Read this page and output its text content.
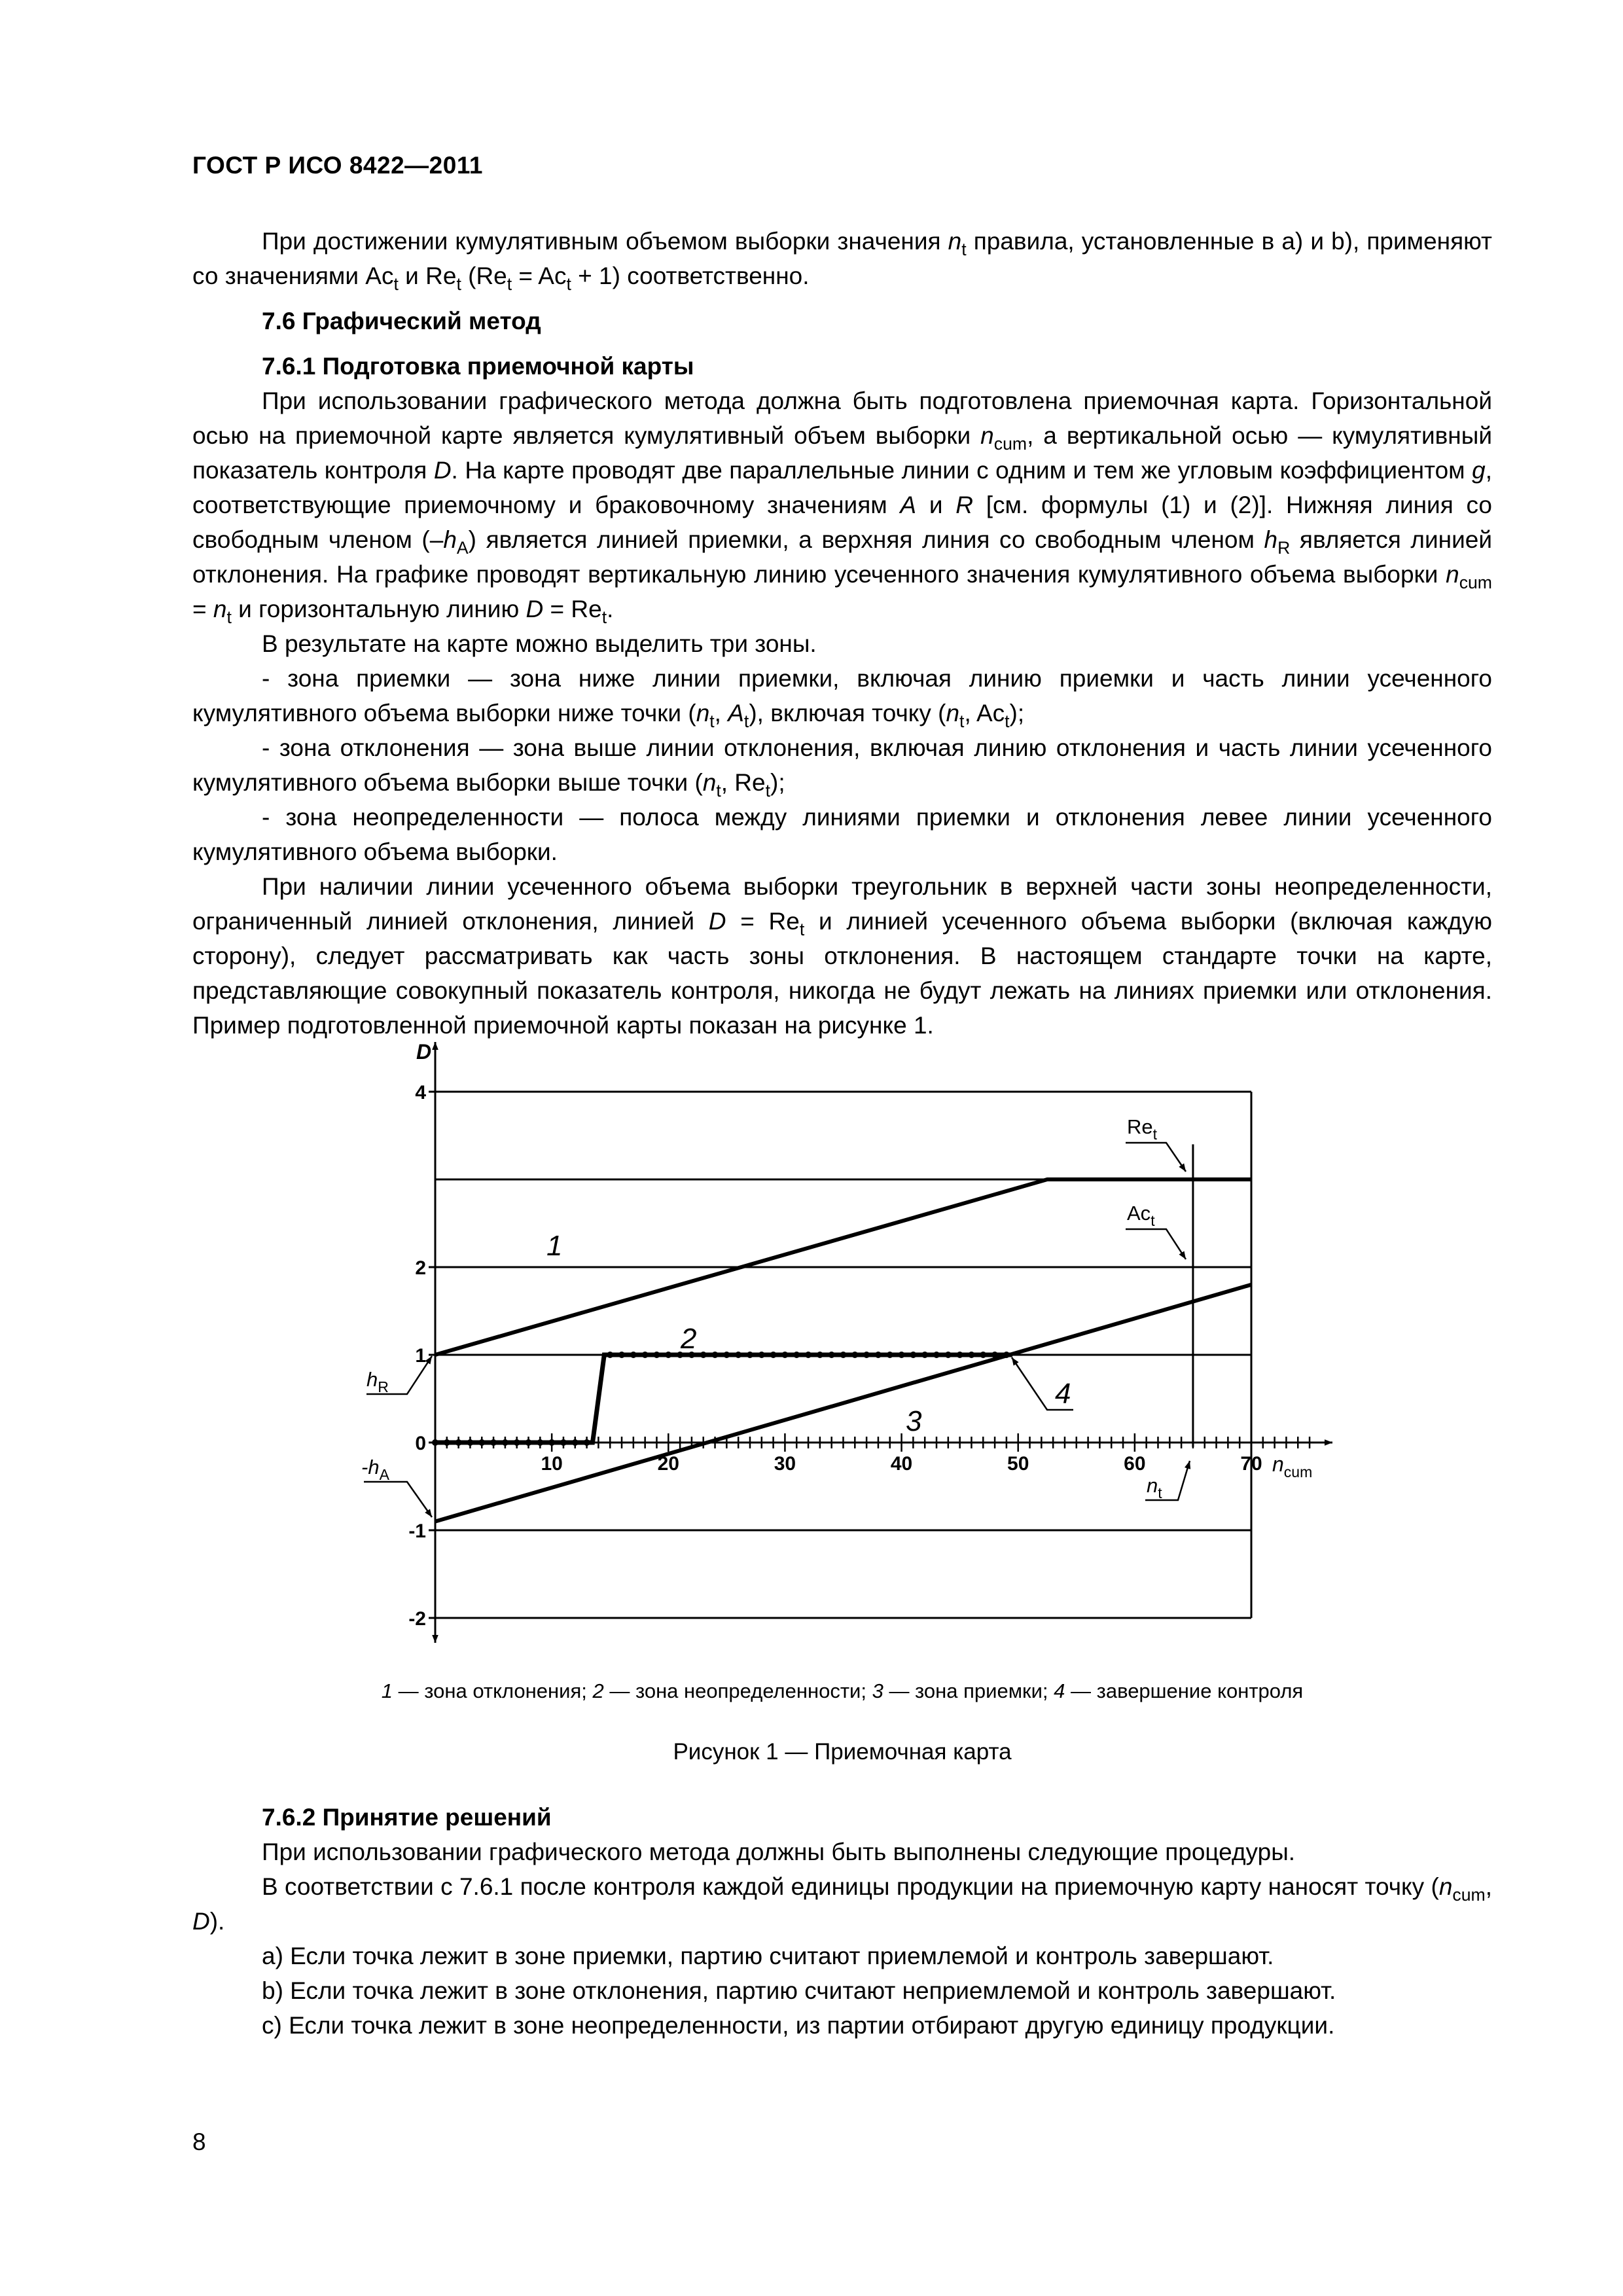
ГОСТ Р ИСО 8422—2011

При достижении кумулятивным объемом выборки значения $n_t$ правила, установленные в a) и b), применяют со значениями $Ac_t$ и $Re_t$ $(Re_t = Ac_t + 1)$ соответственно.

7.6 Графический метод

7.6.1 Подготовка приемочной карты

При использовании графического метода должна быть подготовлена приемочная карта. Горизонтальной осью на приемочной карте является кумулятивный объем выборки $n_{cum}$, а вертикальной осью — кумулятивный показатель контроля D. На карте проводят две параллельные линии с одним и тем же угловым коэффициентом g, соответствующие приемочному и браковочному значениям A и R [см. формулы (1) и (2)]. Нижняя линия со свободным членом $(-h_A)$ является линией приемки, а верхняя линия со свободным членом $h_R$ является линией отклонения. На графике проводят вертикальную линию усеченного значения кумулятивного объема выборки $n_{cum} = n_t$ и горизонтальную линию $D = Re_t$.

В результате на карте можно выделить три зоны.

- зона приемки — зона ниже линии приемки, включая линию приемки и часть линии усеченного кумулятивного объема выборки ниже точки ($n_t$, $A_t$), включая точку ($n_t$, $Ac_t$);

- зона отклонения — зона выше линии отклонения, включая линию отклонения и часть линии усеченного кумулятивного объема выборки выше точки ($n_t$, $Re_t$);

- зона неопределенности — полоса между линиями приемки и отклонения левее линии усеченного кумулятивного объема выборки.

При наличии линии усеченного объема выборки треугольник в верхней части зоны неопределенности, ограниченный линией отклонения, линией $D = Re_t$ и линией усеченного объема выборки (включая каждую сторону), следует рассматривать как часть зоны отклонения. В настоящем стандарте точки на карте, представляющие совокупный показатель контроля, никогда не будут лежать на линиях приемки или отклонения. Пример подготовленной приемочной карты показан на рисунке 1.

D
$n_{cum}$
10	20	30	40	50	60	70
4
2
1
0
-1
-2
$Re_t$
$Ac_t$
$h_R$
$-h_A$	$n_t$
1
2
3
4
1 — зона отклонения; 2 — зона неопределенности; 3 — зона приемки; 4 — завершение контроля
Рисунок 1 — Приемочная карта

7.6.2 Принятие решений

При использовании графического метода должны быть выполнены следующие процедуры.

В соответствии с 7.6.1 после контроля каждой единицы продукции на приемочную карту наносят точку ($n_{cum}$, D).

a) Если точка лежит в зоне приемки, партию считают приемлемой и контроль завершают.

b) Если точка лежит в зоне отклонения, партию считают неприемлемой и контроль завершают.

c) Если точка лежит в зоне неопределенности, из партии отбирают другую единицу продукции.

8
